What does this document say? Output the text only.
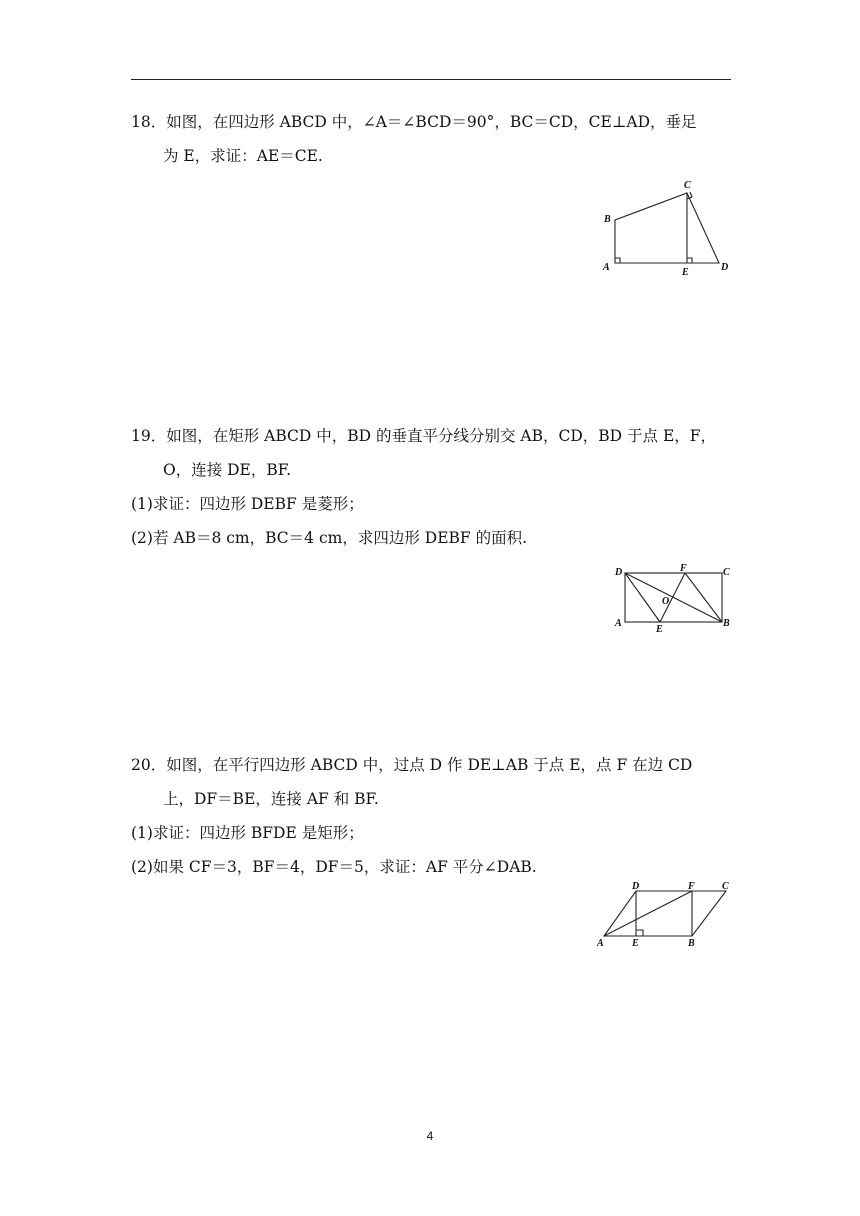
18．如图，在四边形 ABCD 中，∠A＝∠BCD＝90°，BC＝CD，CE⊥AD，垂足
为 E，求证：AE＝CE.
A
B
C
D
E
19．如图，在矩形 ABCD 中，BD 的垂直平分线分别交 AB，CD，BD 于点 E，F，
O，连接 DE，BF.
(1)求证：四边形 DEBF 是菱形；
(2)若 AB＝8 cm，BC＝4 cm，求四边形 DEBF 的面积.
D	C
B
A
E
F
O
20．如图，在平行四边形 ABCD 中，过点 D 作 DE⊥AB 于点 E，点 F 在边 CD
上，DF＝BE，连接 AF 和 BF.
(1)求证：四边形 BFDE 是矩形；
(2)如果 CF＝3，BF＝4，DF＝5，求证：AF 平分∠DAB.
A	E	B
D	F	C
4
